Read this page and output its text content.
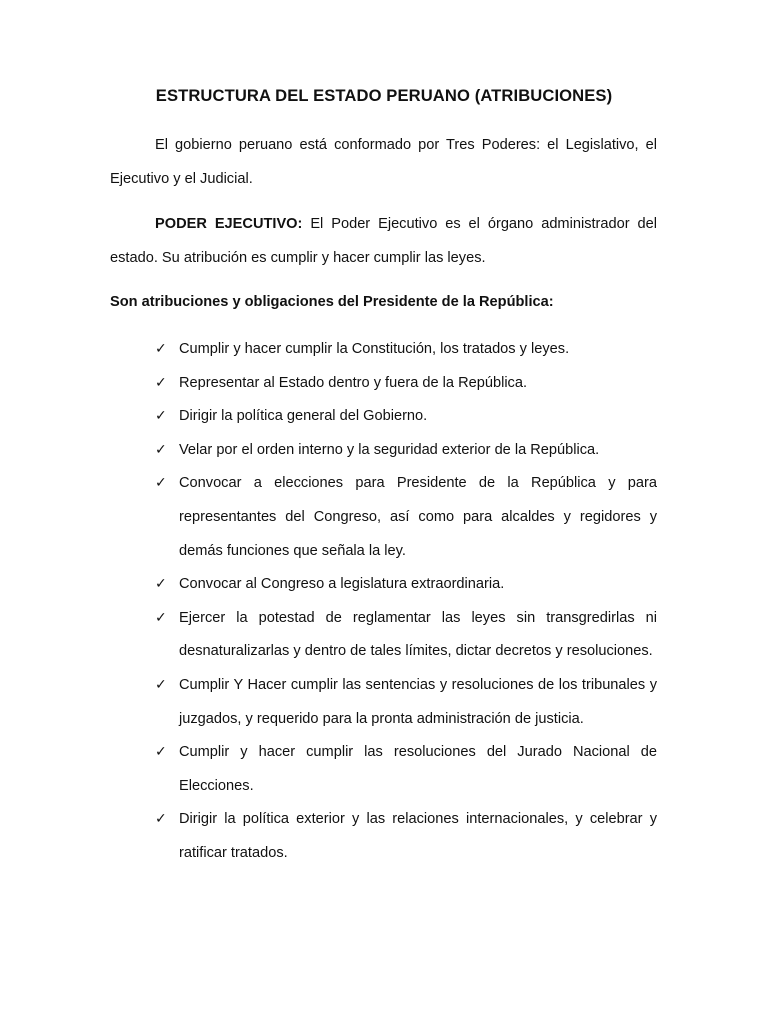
ESTRUCTURA DEL ESTADO PERUANO (ATRIBUCIONES)
El gobierno peruano está conformado por Tres Poderes: el Legislativo, el Ejecutivo y el Judicial.
PODER EJECUTIVO: El Poder Ejecutivo es el órgano administrador del estado. Su atribución es cumplir y hacer cumplir las leyes.
Son atribuciones y obligaciones del Presidente de la República:
✓ Cumplir y hacer cumplir la Constitución, los tratados y leyes.
✓ Representar al Estado dentro y fuera de la República.
✓ Dirigir la política general del Gobierno.
✓ Velar por el orden interno y la seguridad exterior de la República.
✓ Convocar a elecciones para Presidente de la República y para representantes del Congreso, así como para alcaldes y regidores y demás funciones que señala la ley.
✓ Convocar al Congreso a legislatura extraordinaria.
✓ Ejercer la potestad de reglamentar las leyes sin transgredirlas ni desnaturalizarlas y dentro de tales límites, dictar decretos y resoluciones.
✓ Cumplir Y Hacer cumplir las sentencias y resoluciones de los tribunales y juzgados, y requerido para la pronta administración de justicia.
✓ Cumplir y hacer cumplir las resoluciones del Jurado Nacional de Elecciones.
✓ Dirigir la política exterior y las relaciones internacionales, y celebrar y ratificar tratados.
